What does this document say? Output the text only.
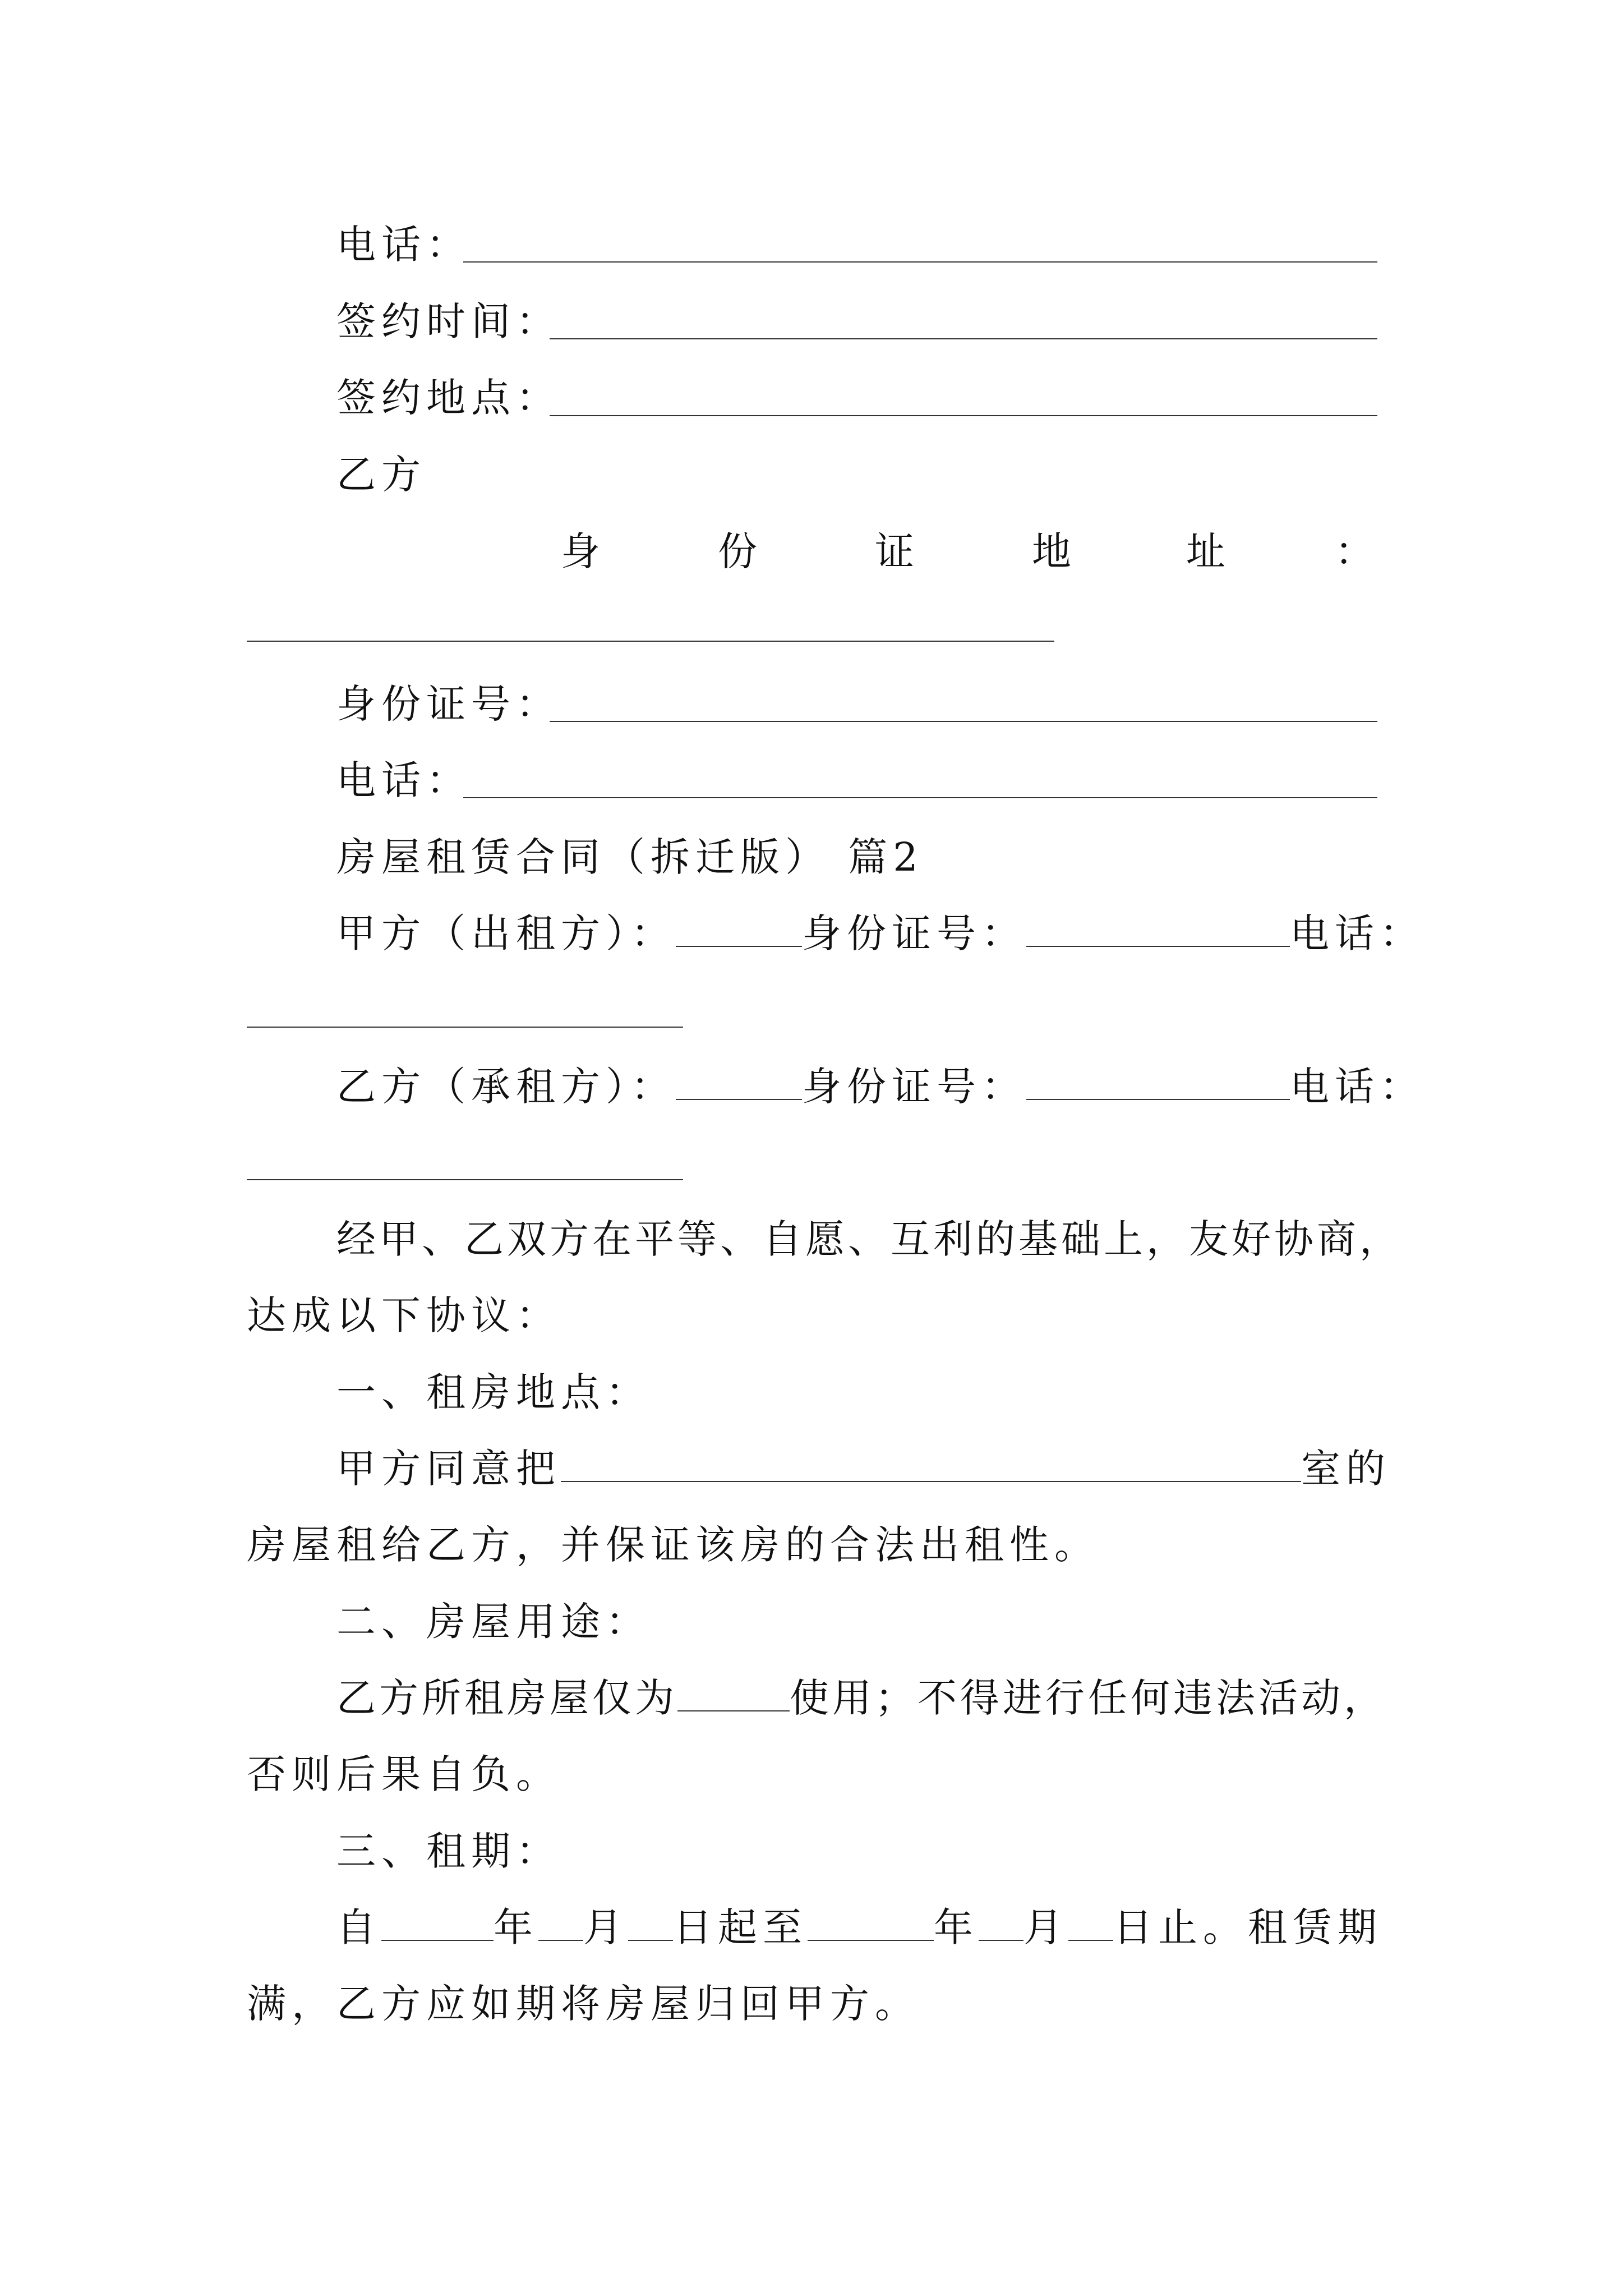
电话：
签约时间：
签约地点：
乙方
身	份	证	地	址	：
身份证号：
电话：
房屋租赁合同（拆迁版） 篇2
甲方（出租方）：	身份证号：	电话：
乙方（承租方）：	身份证号：	电话：
经甲、乙双方在平等、自愿、互利的基础上，友好协商，
达成以下协议：
一、租房地点：
甲方同意把	室的
房屋租给乙方，并保证该房的合法出租性。
二、房屋用途：
乙方所租房屋仅为	使用；不得进行任何违法活动，
否则后果自负。
三、租期：
自	年 月 日起至	年 月 日止。租赁期
满，乙方应如期将房屋归回甲方。
